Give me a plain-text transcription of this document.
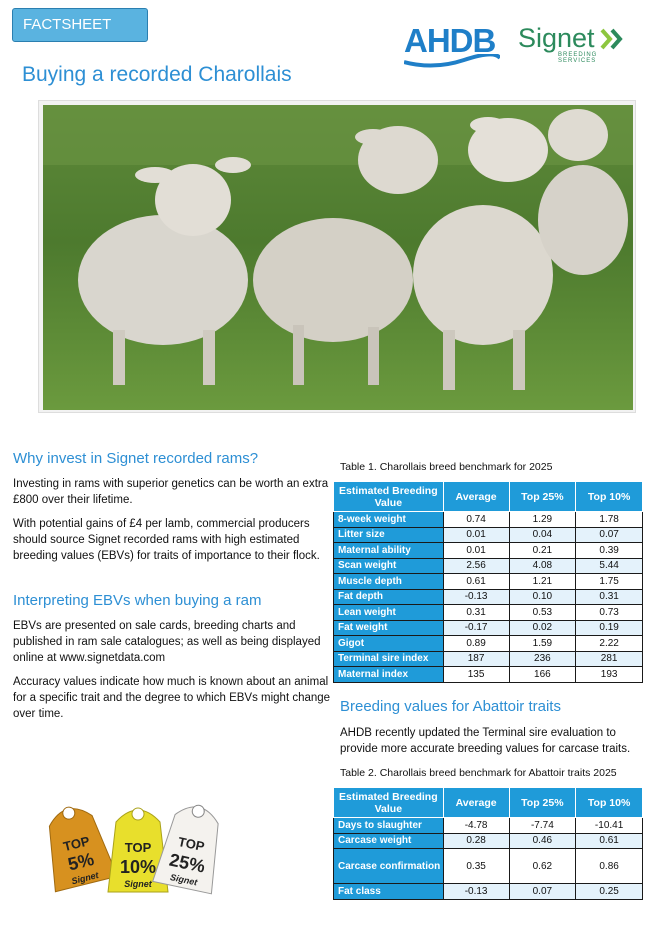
FACTSHEET
Buying a recorded Charollais
AHDB Signet
BREEDING SERVICES
Why invest in Signet recorded rams?
Investing in rams with superior genetics can be worth an extra £800 over their lifetime.
With potential gains of £4 per lamb, commercial producers should source Signet recorded rams with high estimated breeding values (EBVs) for traits of importance to their flock.
Interpreting EBVs when buying a ram
EBVs are presented on sale cards, breeding charts and published in ram sale catalogues; as well as being displayed online at www.signetdata.com
Accuracy values indicate how much is known about an animal for a specific trait and the degree to which EBVs might change over time.
TOP
5%
Signet
TOP
10%
Signet
TOP
25%
Signet
Table 1. Charollais breed benchmark for 2025
Estimated Breeding Value	Average	Top 25%	Top 10%
8-week weight	0.74	1.29	1.78
Litter size	0.01	0.04	0.07
Maternal ability	0.01	0.21	0.39
Scan weight	2.56	4.08	5.44
Muscle depth	0.61	1.21	1.75
Fat depth	-0.13	0.10	0.31
Lean weight	0.31	0.53	0.73
Fat weight	-0.17	0.02	0.19
Gigot	0.89	1.59	2.22
Terminal sire index	187	236	281
Maternal index	135	166	193
Breeding values for Abattoir traits
AHDB recently updated the Terminal sire evaluation to provide more accurate breeding values for carcase traits.
Table 2. Charollais breed benchmark for Abattoir traits 2025
Estimated Breeding Value	Average	Top 25%	Top 10%
Days to slaughter	-4.78	-7.74	-10.41
Carcase weight	0.28	0.46	0.61
Carcase confirmation	0.35	0.62	0.86
Fat class	-0.13	0.07	0.25
